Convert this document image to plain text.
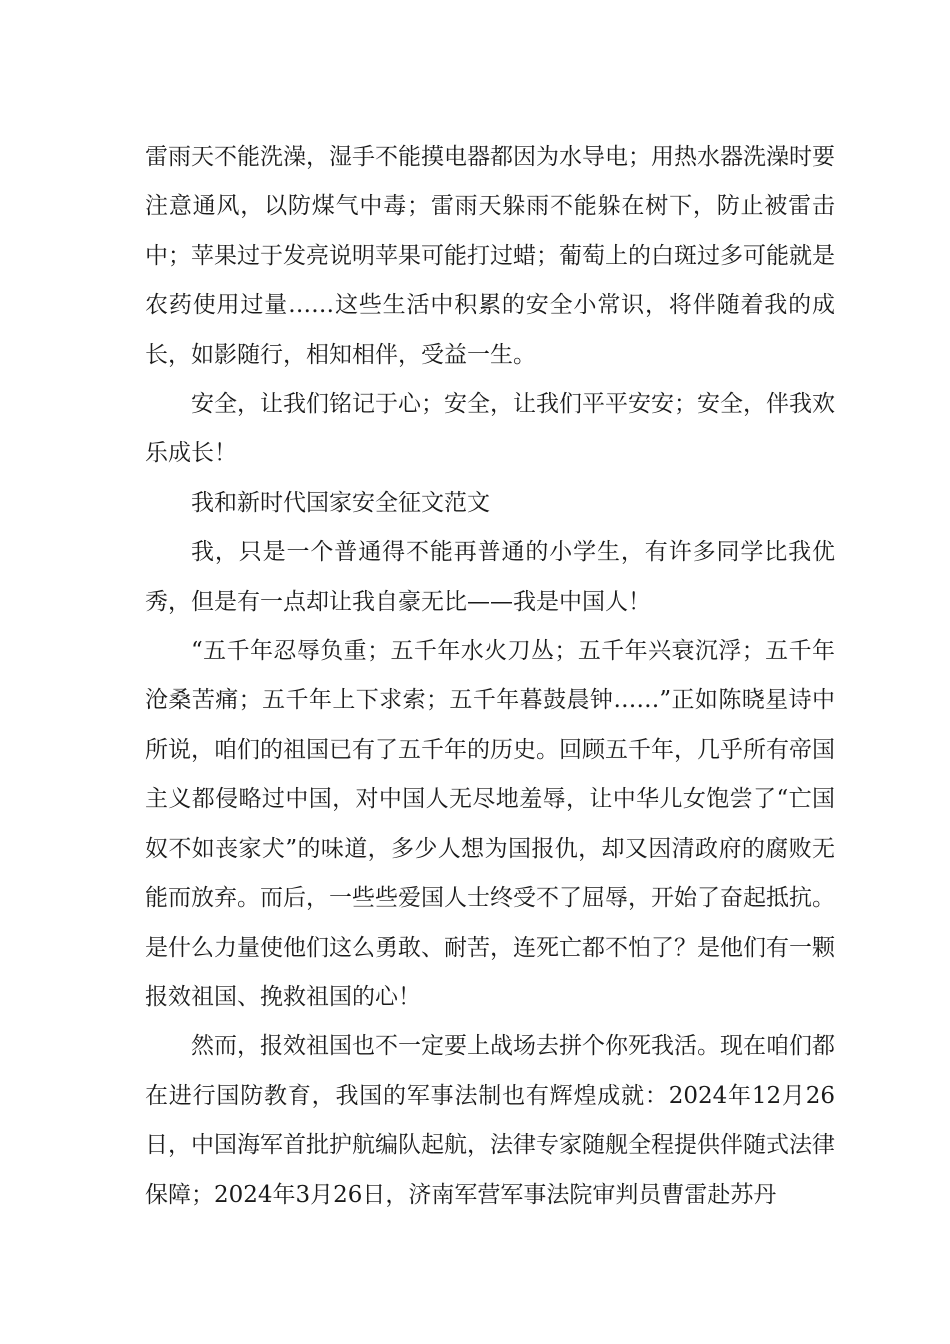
雷雨天不能洗澡，湿手不能摸电器都因为水导电；用热水器洗澡时要注意通风，以防煤气中毒；雷雨天躲雨不能躲在树下，防止被雷击中；苹果过于发亮说明苹果可能打过蜡；葡萄上的白斑过多可能就是农药使用过量……这些生活中积累的安全小常识，将伴随着我的成长，如影随行，相知相伴，受益一生。

安全，让我们铭记于心；安全，让我们平平安安；安全，伴我欢乐成长！

我和新时代国家安全征文范文

我，只是一个普通得不能再普通的小学生，有许多同学比我优秀，但是有一点却让我自豪无比——我是中国人！

“五千年忍辱负重；五千年水火刀丛；五千年兴衰沉浮；五千年沧桑苦痛；五千年上下求索；五千年暮鼓晨钟……”正如陈晓星诗中所说，咱们的祖国已有了五千年的历史。回顾五千年，几乎所有帝国主义都侵略过中国，对中国人无尽地羞辱，让中华儿女饱尝了“亡国奴不如丧家犬”的味道，多少人想为国报仇，却又因清政府的腐败无能而放弃。而后，一些些爱国人士终受不了屈辱，开始了奋起抵抗。是什么力量使他们这么勇敢、耐苦，连死亡都不怕了？是他们有一颗报效祖国、挽救祖国的心！

然而，报效祖国也不一定要上战场去拼个你死我活。现在咱们都在进行国防教育，我国的军事法制也有辉煌成就：2024年12月26日，中国海军首批护航编队起航，法律专家随舰全程提供伴随式法律保障；2024年3月26日，济南军营军事法院审判员曹雷赴苏丹
